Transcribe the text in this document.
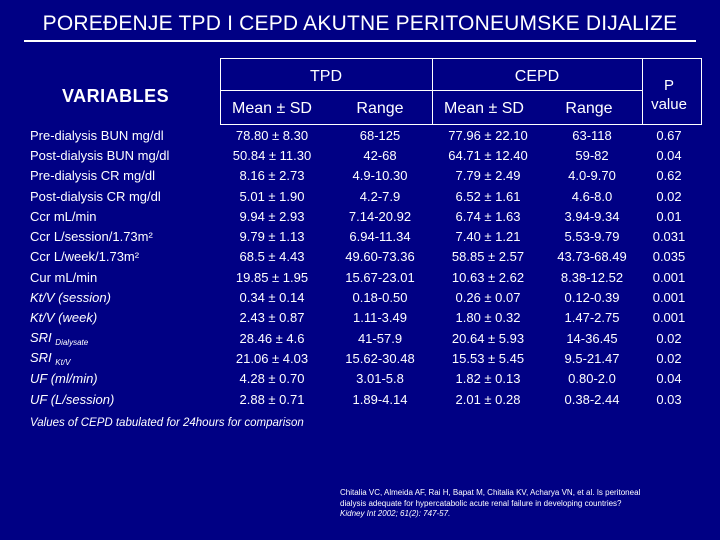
POREĐENJE TPD I CEPD AKUTNE PERITONEUMSKE DIJALIZE
VARIABLES
TPD	CEPD
Mean ± SD	Range	Mean ± SD	Range
P
value
Pre-dialysis BUN mg/dl	78.80 ± 8.30	68-125	77.96 ± 22.10	63-118	0.67
Post-dialysis BUN mg/dl	50.84 ± 11.30	42-68	64.71 ± 12.40	59-82	0.04
Pre-dialysis CR mg/dl	8.16 ± 2.73	4.9-10.30	7.79 ± 2.49	4.0-9.70	0.62
Post-dialysis CR mg/dl	5.01 ± 1.90	4.2-7.9	6.52 ± 1.61	4.6-8.0	0.02
Ccr mL/min	9.94 ± 2.93	7.14-20.92	6.74 ± 1.63	3.94-9.34	0.01
Ccr L/session/1.73m²	9.79 ± 1.13	6.94-11.34	7.40 ± 1.21	5.53-9.79	0.031
Ccr L/week/1.73m²	68.5 ± 4.43	49.60-73.36	58.85 ± 2.57	43.73-68.49	0.035
Cur mL/min	19.85 ± 1.95	15.67-23.01	10.63 ± 2.62	8.38-12.52	0.001
Kt/V (session)	0.34 ± 0.14	0.18-0.50	0.26 ± 0.07	0.12-0.39	0.001
Kt/V (week)	2.43 ± 0.87	1.11-3.49	1.80 ± 0.32	1.47-2.75	0.001
SRI $_{Dialysate}$	28.46 ± 4.6	41-57.9	20.64 ± 5.93	14-36.45	0.02
SRI $_{Kt/V}$	21.06 ± 4.03	15.62-30.48	15.53 ± 5.45	9.5-21.47	0.02
UF (ml/min)	4.28 ± 0.70	3.01-5.8	1.82 ± 0.13	0.80-2.0	0.04
UF (L/session)	2.88 ± 0.71	1.89-4.14	2.01 ± 0.28	0.38-2.44	0.03
Values of CEPD tabulated for 24hours for comparison
Chitalia VC, Almeida AF, Rai H, Bapat M, Chitalia KV, Acharya VN, et al. Is peritoneal
dialysis adequate for hypercatabolic acute renal failure in developing countries?
Kidney Int 2002; 61(2): 747-57.
